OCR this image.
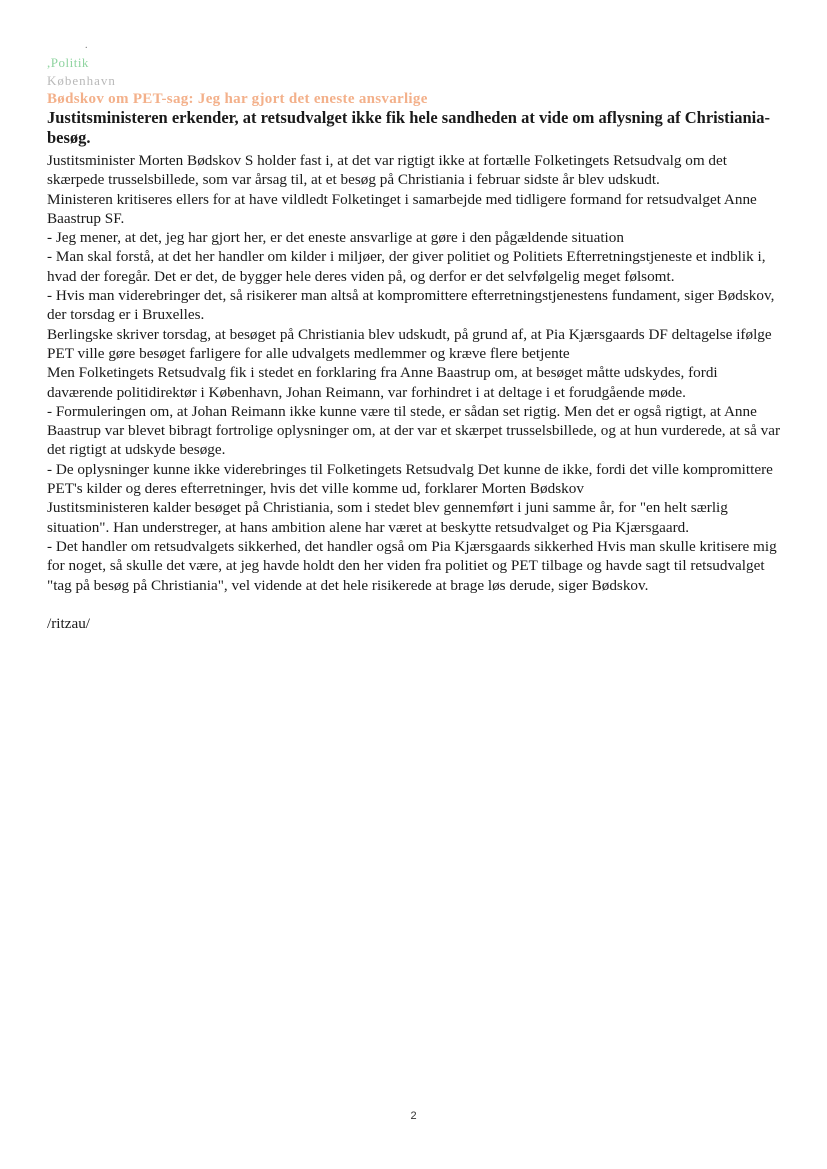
.
,Politik
København
Bødskov om PET-sag: Jeg har gjort det eneste ansvarlige
Justitsministeren erkender, at retsudvalget ikke fik hele sandheden at vide om aflysning af Christiania-besøg.

Justitsminister Morten Bødskov S holder fast i, at det var rigtigt ikke at fortælle Folketingets Retsudvalg om det skærpede trusselsbillede, som var årsag til, at et besøg på Christiania i februar sidste år blev udskudt.

Ministeren kritiseres ellers for at have vildledt Folketinget i samarbejde med tidligere formand for retsudvalget Anne Baastrup SF.

- Jeg mener, at det, jeg har gjort her, er det eneste ansvarlige at gøre i den pågældende situation

- Man skal forstå, at det her handler om kilder i miljøer, der giver politiet og Politiets Efterretningstjeneste et indblik i, hvad der foregår. Det er det, de bygger hele deres viden på, og derfor er det selvfølgelig meget følsomt.

- Hvis man viderebringer det, så risikerer man altså at kompromittere efterretningstjenestens fundament, siger Bødskov, der torsdag er i Bruxelles.

Berlingske skriver torsdag, at besøget på Christiania blev udskudt, på grund af, at Pia Kjærsgaards DF deltagelse ifølge PET ville gøre besøget farligere for alle udvalgets medlemmer og kræve flere betjente

Men Folketingets Retsudvalg fik i stedet en forklaring fra Anne Baastrup om, at besøget måtte udskydes, fordi daværende politidirektør i København, Johan Reimann, var forhindret i at deltage i et forudgående møde.

- Formuleringen om, at Johan Reimann ikke kunne være til stede, er sådan set rigtig. Men det er også rigtigt, at Anne Baastrup var blevet bibragt fortrolige oplysninger om, at der var et skærpet trusselsbillede, og at hun vurderede, at så var det rigtigt at udskyde besøge.

- De oplysninger kunne ikke viderebringes til Folketingets Retsudvalg Det kunne de ikke, fordi det ville kompromittere PET's kilder og deres efterretninger, hvis det ville komme ud, forklarer Morten Bødskov

Justitsministeren kalder besøget på Christiania, som i stedet blev gennemført i juni samme år, for "en helt særlig situation". Han understreger, at hans ambition alene har været at beskytte retsudvalget og Pia Kjærsgaard.

- Det handler om retsudvalgets sikkerhed, det handler også om Pia Kjærsgaards sikkerhed Hvis man skulle kritisere mig for noget, så skulle det være, at jeg havde holdt den her viden fra politiet og PET tilbage og havde sagt til retsudvalget "tag på besøg på Christiania", vel vidende at det hele risikerede at brage løs derude, siger Bødskov.

/ritzau/
2
